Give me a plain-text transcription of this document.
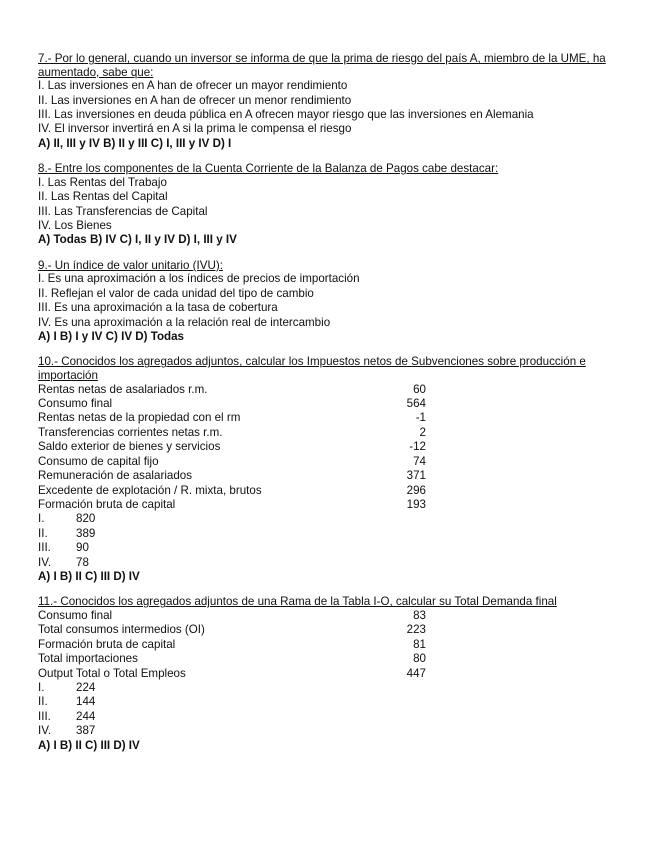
7.- Por lo general, cuando un inversor se informa de que la prima de riesgo del país A, miembro de la UME, ha aumentado, sabe que:
I. Las inversiones en A han de ofrecer un mayor rendimiento
II. Las inversiones en A han de ofrecer un menor rendimiento
III. Las inversiones en deuda pública en A ofrecen mayor riesgo que las inversiones en Alemania
IV. El inversor invertirá en A si la prima le compensa el riesgo
A) II, III y IV B) II y III C) I, III y IV D) I
8.- Entre los componentes de la Cuenta Corriente de la Balanza de Pagos cabe destacar:
I. Las Rentas del Trabajo
II. Las Rentas del Capital
III. Las Transferencias de Capital
IV. Los Bienes
A) Todas B) IV C) I, II y IV D) I, III y IV
9.- Un índice de valor unitario (IVU):
I. Es una aproximación a los índices de precios de importación
II. Reflejan el valor de cada unidad del tipo de cambio
III. Es una aproximación a la tasa de cobertura
IV. Es una aproximación a la relación real de intercambio
A) I B) I y IV C) IV D) Todas
10.- Conocidos los agregados adjuntos, calcular los Impuestos netos de Subvenciones sobre producción e importación
Rentas netas de asalariados r.m.	60
Consumo final	564
Rentas netas de la propiedad con el rm	-1
Transferencias corrientes netas r.m.	2
Saldo exterior de bienes y servicios	-12
Consumo de capital fijo	74
Remuneración de asalariados	371
Excedente de explotación / R. mixta, brutos	296
Formación bruta de capital	193
I.	820
II. 389
III. 90
IV. 78
A) I B) II C) III D) IV
11.- Conocidos los agregados adjuntos de una Rama de la Tabla I-O, calcular su Total Demanda final
Consumo final	83
Total consumos intermedios (OI)	223
Formación bruta de capital	81
Total importaciones	80
Output Total o Total Empleos	447
I.	224
II. 144
III. 244
IV. 387
A) I B) II C) III D) IV
